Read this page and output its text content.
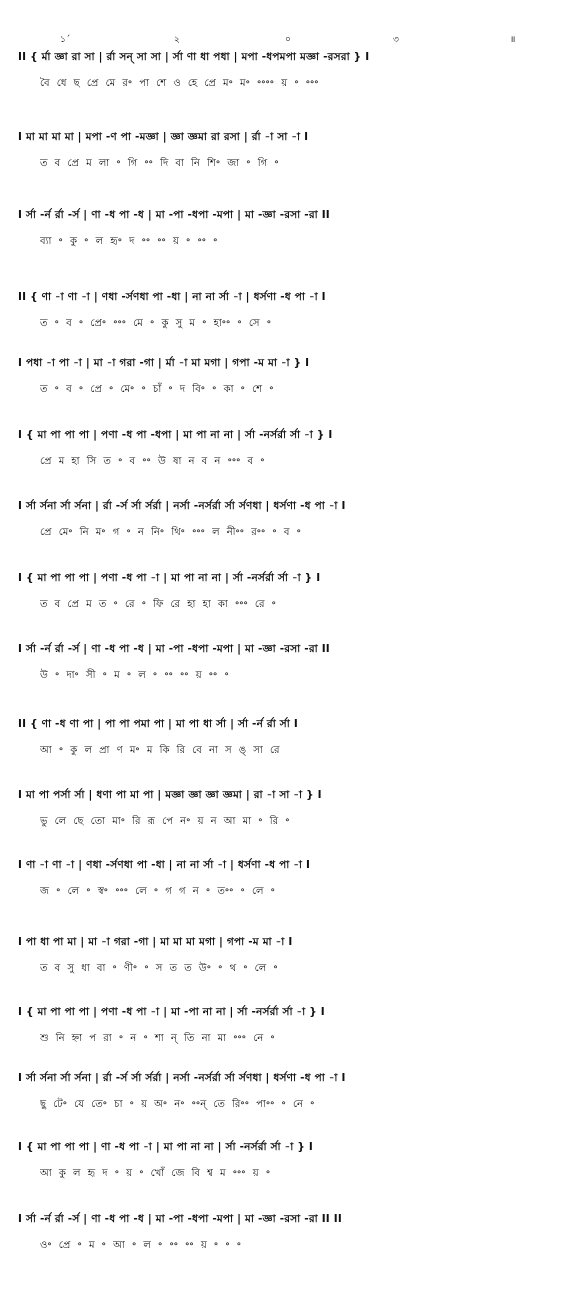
১´	২	০	৩	॥
II { ৰ্মা জ্ঞা রা সা | র্রা সন্ সা সা | র্সা ণা ধা পধা | মপা -ধপমপা মজ্ঞা -রসরা } I
বৈ ধে ছ প্রে মে র॰ পা শে ও হে প্রে ম॰ ম॰ ॰॰॰॰ য় ॰ ॰॰॰
I মা মা মা মা | মপা -ণ পা -মজ্ঞা | জ্ঞা জ্ঞমা রা রসা | র্রা -া সা -া I
ত ব প্রে ম লা ॰ গি ॰॰ দি বা নি শি॰ জা ॰ গি ॰
I র্সা -র্ন র্রা -র্স | ণা -ধ পা -ধ | মা -পা -ধপা -মপা | মা -জ্ঞা -রসা -রা II
ব্যা ॰ কু ॰ ল হৃ॰ দ ॰॰ ॰॰ য় ॰ ॰॰ ॰
II { ণা -া ণা -া | ণধা -র্সণধা পা -ধা | না না র্সা -া | ধর্সণা -ধ পা -া I
ত ॰ ব ॰ প্রে॰ ॰॰॰ মে ॰ কু সু ম ॰ হা॰॰ ॰ সে ॰
I পধা -া পা -া | মা -া গরা -গা | ৰ্মা -া মা মগা | গপা -ম মা -া } I
ত ॰ ব ॰ প্রে ॰ মে॰ ॰ চাঁ ॰ দ বি॰ ॰ কা ॰ শে ॰
I { মা পা পা পা | পণা -ধ পা -ধপা | মা পা না না | র্সা -নর্সর্রা র্সা -া } I
প্রে ম হা সি ত ॰ ব ॰॰ উ ষা ন ব ন ॰॰॰ ব ॰
I র্সা র্সনা র্সা র্সনা | র্রা -র্স র্সা র্সর্রা | নর্সা -নর্সর্রা র্সা র্সণধা | ধর্সণা -ধ পা -া I
প্রে মে॰ নি ম॰ গ ॰ ন নি॰ থি॰ ॰॰॰ ল নী॰॰ র॰॰ ॰ ব ॰
I { মা পা পা পা | পণা -ধ পা -া | মা পা না না | র্সা -নর্সর্রা র্সা -া } I
ত ব প্রে ম ত ॰ রে ॰ ফি রে হা হা কা ॰॰॰ রে ॰
I র্সা -র্ন র্রা -র্স | ণা -ধ পা -ধ | মা -পা -ধপা -মপা | মা -জ্ঞা -রসা -রা II
উ ॰ দা॰ সী ॰ ম ॰ ল ॰ ॰॰ ॰॰ য় ॰॰ ॰
II { ণা -ধ ণা পা | পা পা পমা পা | মা পা ধা র্সা | র্সা -র্ন র্রা র্সা I
আ ॰ কু ল প্রা ণ ম॰ ম কি রি বে না স ঙ্ সা রে
I মা পা পর্সা র্সা | ধণা পা মা পা | মজ্ঞা জ্ঞা জ্ঞা জ্ঞমা | রা -া সা -া } I
ভু লে ছে তো মা॰ রি রূ পে ন॰ য় ন আ মা ॰ রি ॰
I ণা -া ণা -া | ণধা -র্সণধা পা -ধা | না না র্সা -া | ধর্সণা -ধ পা -া I
জ ॰ লে ॰ স্ব॰ ॰॰॰ লে ॰ গ গ ন ॰ ত॰॰ ॰ লে ॰
I পা ধা পা মা | মা -া গরা -গা | মা মা মা মগা | গপা -ম মা -া I
ত ব সু ধা বা ॰ ণী॰ ॰ স ত ত উ॰ ॰ থ ॰ লে ॰
I { মা পা পা পা | পণা -ধ পা -া | মা -পা না না | র্সা -নর্সর্রা র্সা -া } I
শু নি হ্না প রা ॰ ন ॰ শা ন্ তি না মা ॰॰॰ নে ॰
I র্সা র্সনা র্সা র্সনা | র্রা -র্স র্সা র্সর্রা | নর্সা -নর্সর্রা র্সা র্সণধা | ধর্সণা -ধ পা -া I
ছু টে॰ যে তে॰ চা ॰ য় অ॰ ন॰ ॰॰ন্ তে রি॰॰ পা॰॰ ॰ নে ॰
I { মা পা পা পা | ণা -ধ পা -া | মা পা না না | র্সা -নর্সর্রা র্সা -া } I
আ কু ল হৃ দ ॰ য় ॰ খোঁ জে বি শ্ব ম ॰॰॰ য় ॰
I র্সা -র্ন র্রা -র্স | ণা -ধ পা -ধ | মা -পা -ধপা -মপা | মা -জ্ঞা -রসা -রা II II
ও॰ প্রে ॰ ম ॰ আ ॰ ল ॰ ॰॰ ॰॰ য় ॰ ॰ ॰
